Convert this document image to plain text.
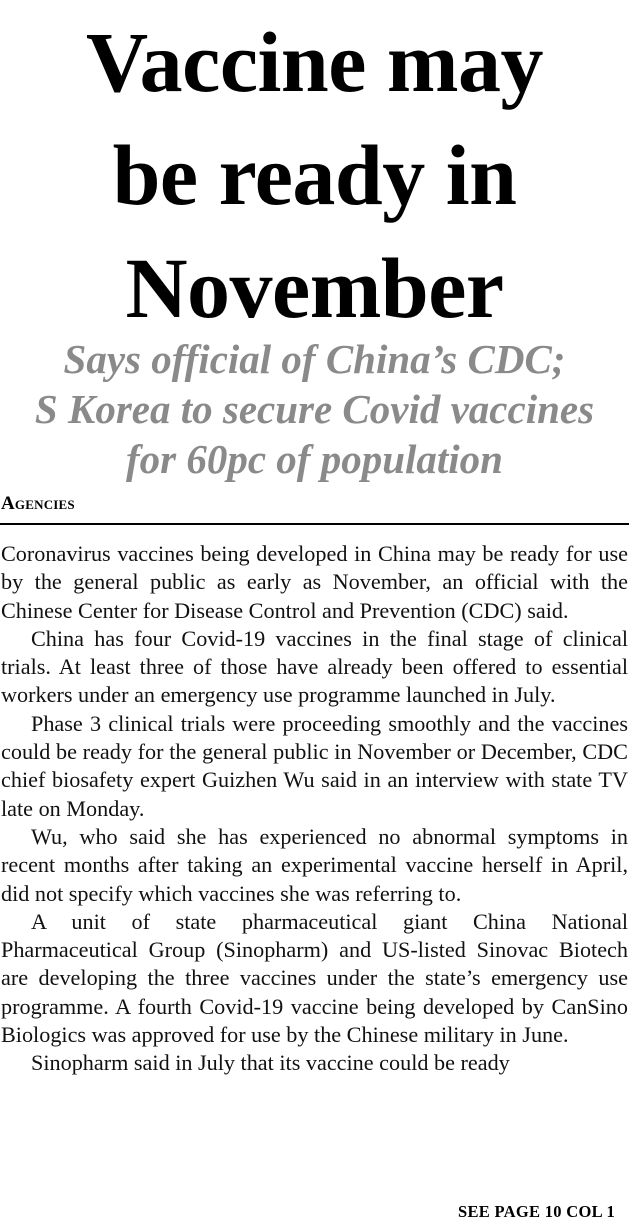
Vaccine may
be ready in
November
Says official of China’s CDC;
S Korea to secure Covid vaccines
for 60pc of population
Agencies

Coronavirus vaccines being developed in China may be ready for use by the general public as early as November, an official with the Chinese Center for Disease Control and Prevention (CDC) said.

China has four Covid-19 vaccines in the final stage of clinical trials. At least three of those have already been offered to essential workers under an emergency use programme launched in July.

Phase 3 clinical trials were proceeding smoothly and the vaccines could be ready for the general public in November or December, CDC chief biosafety expert Guizhen Wu said in an interview with state TV late on Monday.

Wu, who said she has experienced no abnormal symptoms in recent months after taking an experimental vaccine herself in April, did not specify which vaccines she was referring to.

A unit of state pharmaceutical giant China National Pharmaceutical Group (Sinopharm) and US-listed Sinovac Biotech are developing the three vaccines under the state’s emergency use programme. A fourth Covid-19 vaccine being developed by CanSino Biologics was approved for use by the Chinese military in June.

Sinopharm said in July that its vaccine could be ready

SEE PAGE 10 COL 1
